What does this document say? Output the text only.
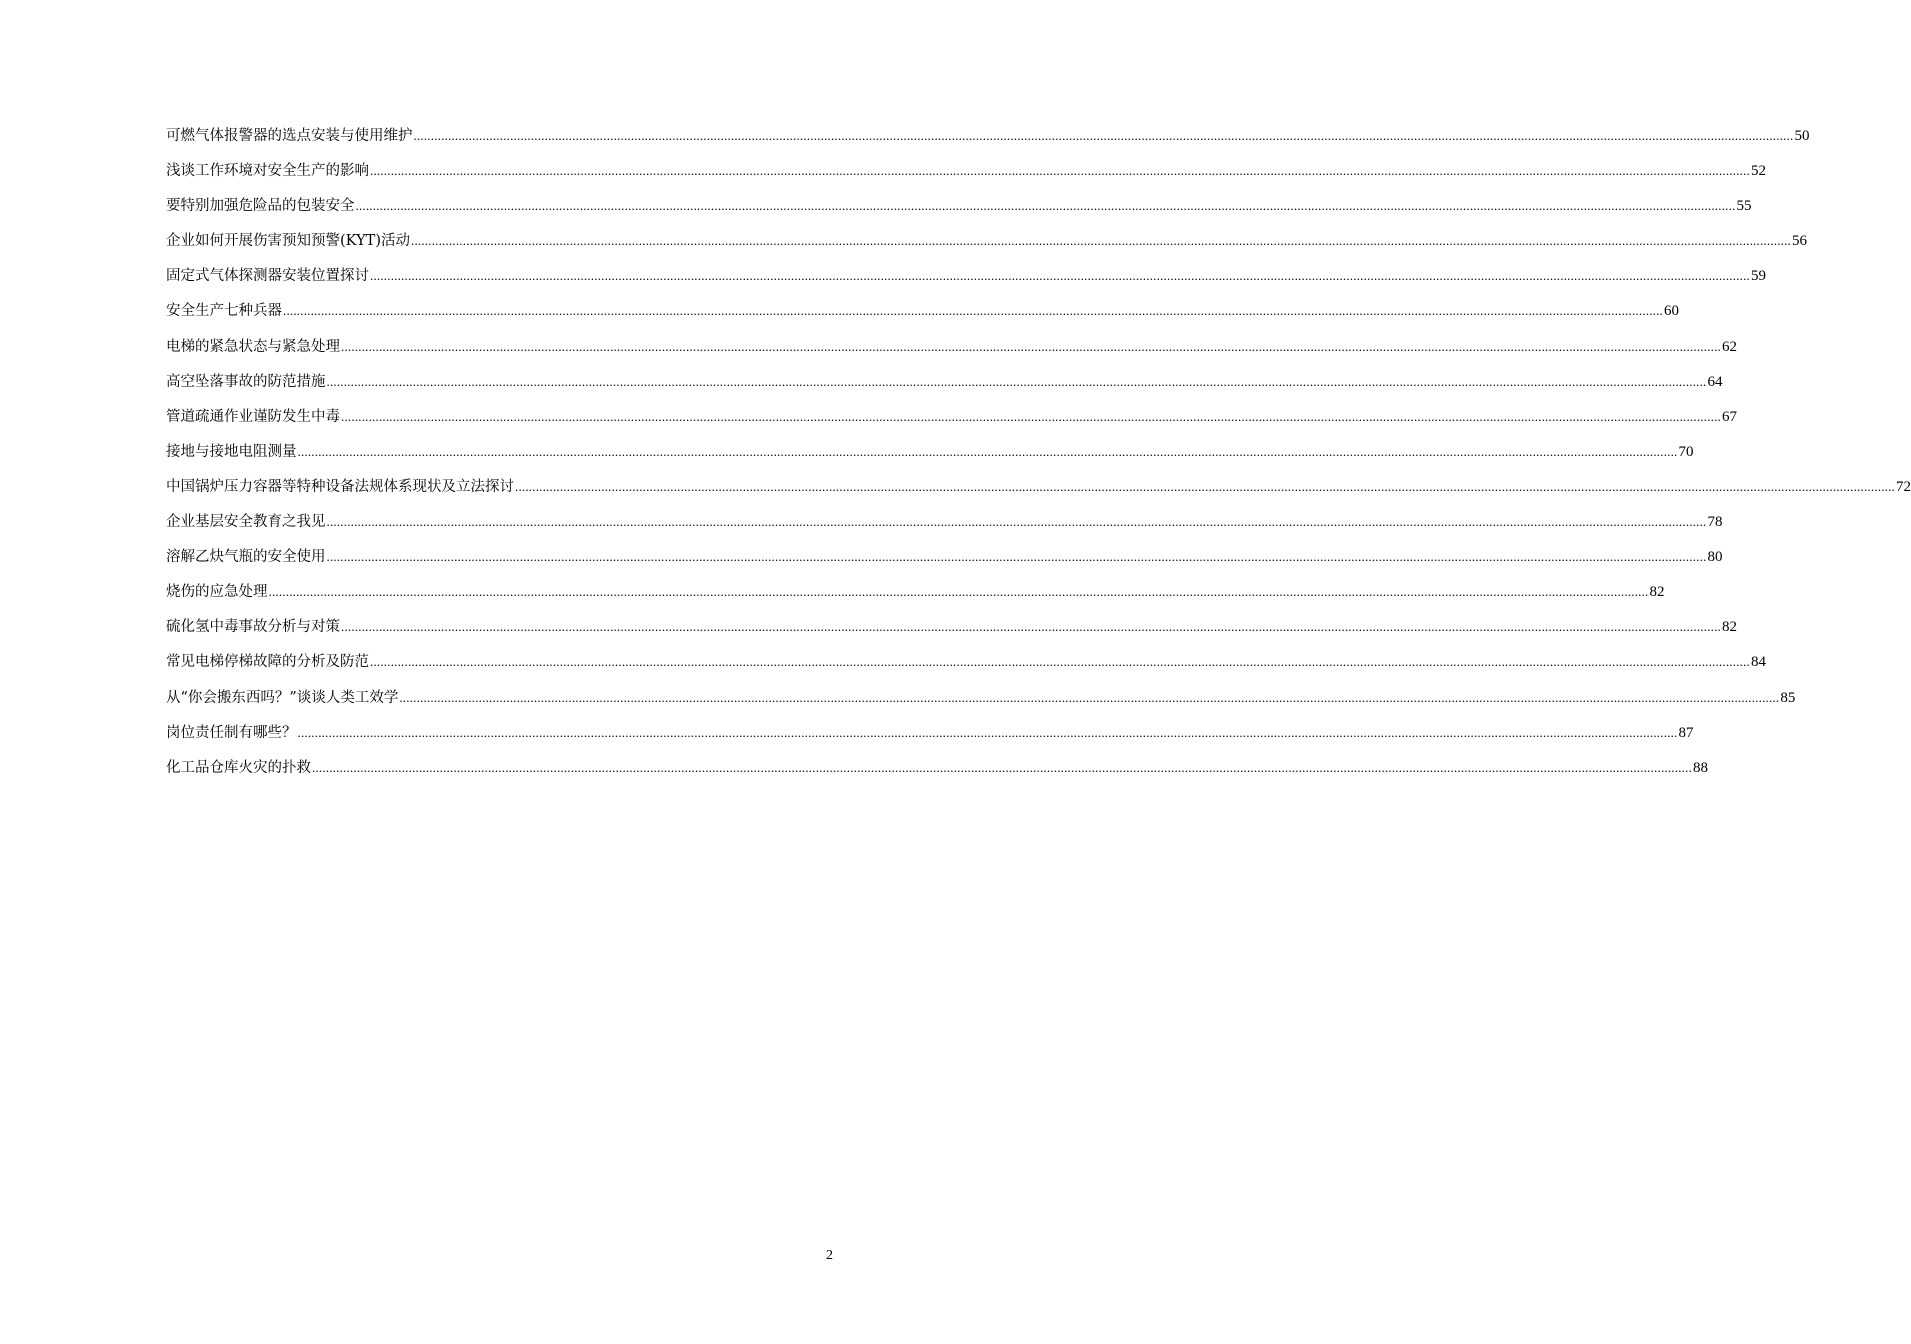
可燃气体报警器的选点安装与使用维护 ................................................................................................................................................................................................................................................................................................................................................................................................................ 50
浅谈工作环境对安全生产的影响 ................................................................................................................................................................................................................................................................................................................................................................................................................ 52
要特别加强危险品的包装安全 ................................................................................................................................................................................................................................................................................................................................................................................................................ 55
企业如何开展伤害预知预警(KYT)活动 ................................................................................................................................................................................................................................................................................................................................................................................................................ 56
固定式气体探测器安装位置探讨 ................................................................................................................................................................................................................................................................................................................................................................................................................ 59
安全生产七种兵器 ................................................................................................................................................................................................................................................................................................................................................................................................................ 60
电梯的紧急状态与紧急处理 ................................................................................................................................................................................................................................................................................................................................................................................................................ 62
高空坠落事故的防范措施 ................................................................................................................................................................................................................................................................................................................................................................................................................ 64
管道疏通作业谨防发生中毒 ................................................................................................................................................................................................................................................................................................................................................................................................................ 67
接地与接地电阻测量 ................................................................................................................................................................................................................................................................................................................................................................................................................ 70
中国锅炉压力容器等特种设备法规体系现状及立法探讨 ................................................................................................................................................................................................................................................................................................................................................................................................................ 72
企业基层安全教育之我见 ................................................................................................................................................................................................................................................................................................................................................................................................................ 78
溶解乙炔气瓶的安全使用 ................................................................................................................................................................................................................................................................................................................................................................................................................ 80
烧伤的应急处理 ................................................................................................................................................................................................................................................................................................................................................................................................................ 82
硫化氢中毒事故分析与对策 ................................................................................................................................................................................................................................................................................................................................................................................................................ 82
常见电梯停梯故障的分析及防范 ................................................................................................................................................................................................................................................................................................................................................................................................................ 84
从“你会搬东西吗？”谈谈人类工效学 ................................................................................................................................................................................................................................................................................................................................................................................................................ 85
岗位责任制有哪些？ ................................................................................................................................................................................................................................................................................................................................................................................................................ 87
化工品仓库火灾的扑救 ................................................................................................................................................................................................................................................................................................................................................................................................................ 88
2
